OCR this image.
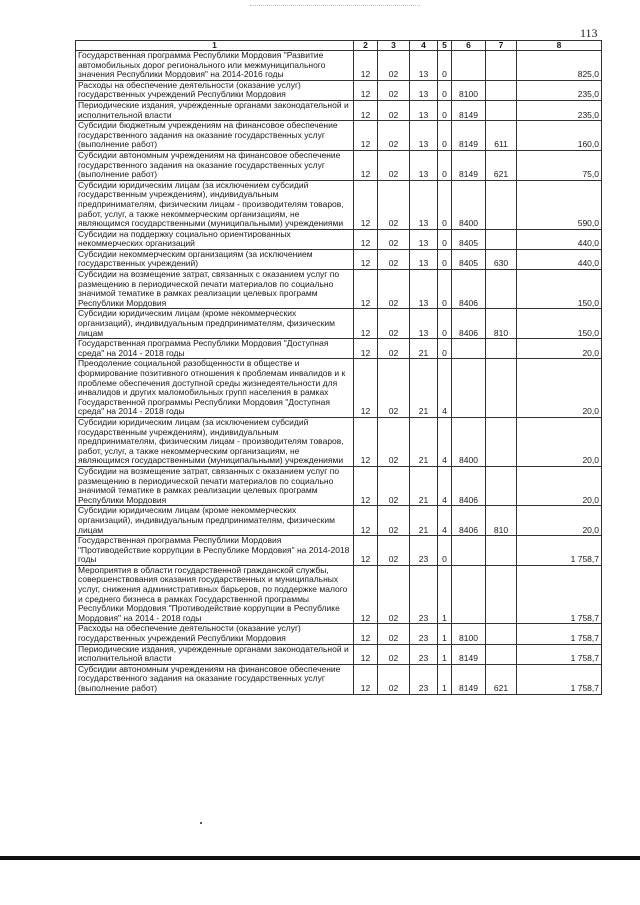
113
1	2	3	4	5	6	7	8
Государственная программа Республики Мордовия "Развитие автомобильных дорог регионального или межмуниципального значения Республики Мордовия" на 2014-2016 годы	12	02	13	0			825,0
Расходы на обеспечение деятельности (оказание услуг) государственных учреждений Республики Мордовия	12	02	13	0	8100		235,0
Периодические издания, учрежденные органами законодательной и исполнительной власти	12	02	13	0	8149		235,0
Субсидии бюджетным учреждениям на финансовое обеспечение государственного задания на оказание государственных услуг (выполнение работ)	12	02	13	0	8149	611	160,0
Субсидии автономным учреждениям на финансовое обеспечение государственного задания на оказание государственных услуг (выполнение работ)	12	02	13	0	8149	621	75,0
Субсидии юридическим лицам (за исключением субсидий государственным учреждениям), индивидуальным предпринимателям, физическим лицам - производителям товаров, работ, услуг, а также некоммерческим организациям, не являющимся государственными (муниципальными) учреждениями	12	02	13	0	8400		590,0
Субсидии на поддержку социально ориентированных некоммерческих организаций	12	02	13	0	8405		440,0
Субсидии некоммерческим организациям (за исключением государственных учреждений)	12	02	13	0	8405	630	440,0
Субсидии на возмещение затрат, связанных с оказанием услуг по размещению в периодической печати материалов по социально значимой тематике в рамках реализации целевых программ Республики Мордовия	12	02	13	0	8406		150,0
Субсидии юридическим лицам (кроме некоммерческих организаций), индивидуальным предпринимателям, физическим лицам	12	02	13	0	8406	810	150,0
Государственная программа Республики Мордовия "Доступная среда" на 2014 - 2018 годы	12	02	21	0			20,0
Преодоление социальной разобщенности в обществе и формирование позитивного отношения к проблемам инвалидов и к проблеме обеспечения доступной среды жизнедеятельности для инвалидов и других маломобильных групп населения в рамках Государственной программы Республики Мордовия "Доступная среда" на 2014 - 2018 годы	12	02	21	4			20,0
Субсидии юридическим лицам (за исключением субсидий государственным учреждениям), индивидуальным предпринимателям, физическим лицам - производителям товаров, работ, услуг, а также некоммерческим организациям, не являющимся государственными (муниципальными) учреждениями	12	02	21	4	8400		20,0
Субсидии на возмещение затрат, связанных с оказанием услуг по размещению в периодической печати материалов по социально значимой тематике в рамках реализации целевых программ Республики Мордовия	12	02	21	4	8406		20,0
Субсидии юридическим лицам (кроме некоммерческих организаций), индивидуальным предпринимателям, физическим лицам	12	02	21	4	8406	810	20,0
Государственная программа Республики Мордовия "Противодействие коррупции в Республике Мордовия" на 2014-2018 годы	12	02	23	0			1 758,7
Мероприятия в области государственной гражданской службы, совершенствования оказания государственных и муниципальных услуг, снижения административных барьеров, по поддержке малого и среднего бизнеса в рамках Государственной программы Республики Мордовия "Противодействие коррупции в Республике Мордовия" на 2014 - 2018 годы	12	02	23	1			1 758,7
Расходы на обеспечение деятельности (оказание услуг) государственных учреждений Республики Мордовия	12	02	23	1	8100		1 758,7
Периодические издания, учрежденные органами законодательной и исполнительной власти	12	02	23	1	8149		1 758,7
Субсидии автономным учреждениям на финансовое обеспечение государственного задания на оказание государственных услуг (выполнение работ)	12	02	23	1	8149	621	1 758,7
